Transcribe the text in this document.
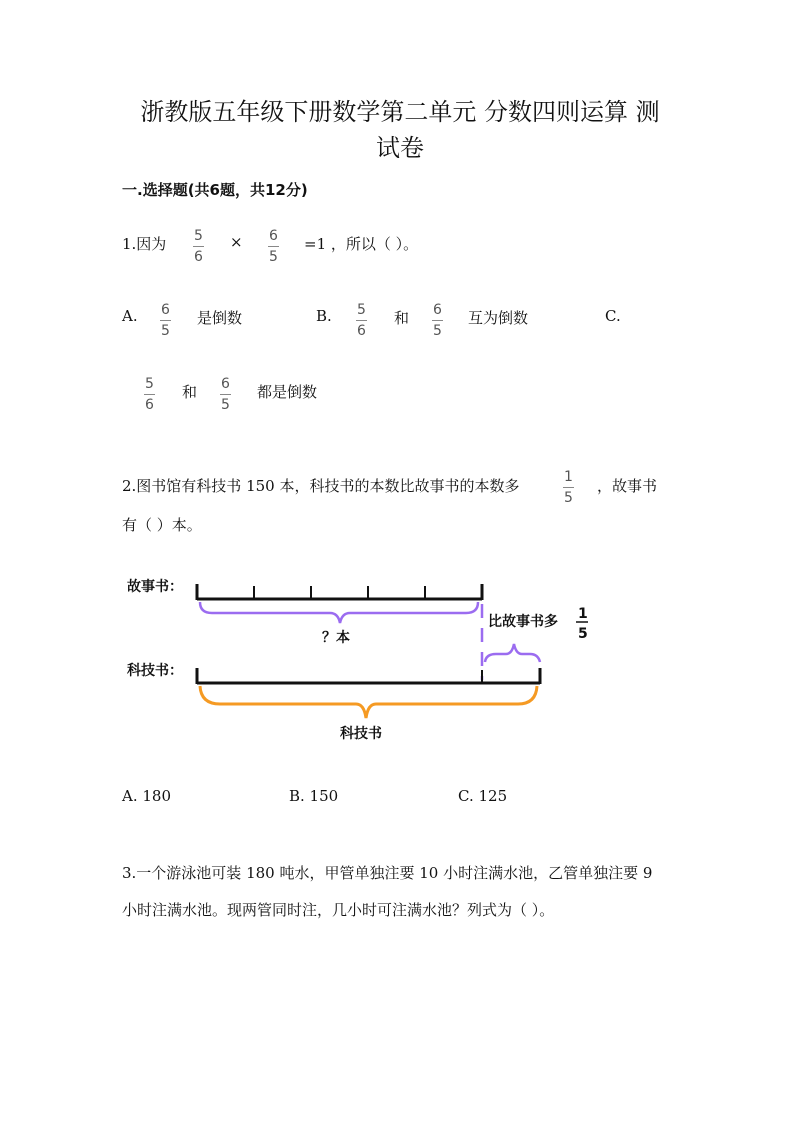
浙教版五年级下册数学第二单元 分数四则运算 测
试卷
一.选择题(共6题，共12分)
1.因为 5
6
× 6
5
=1 ，所以（ ）。
A. 6
5
是倒数	B. 5
6
和 6
5
互为倒数	C.
5
6
和 6
5
都是倒数
2.图书馆有科技书 150 本，科技书的本数比故事书的本数多	1
5
，故事书
有（ ）本。
故事书：
？本
比故事书多 1
5
科技书：
科技书
A. 180	B. 150	C. 125
3.一个游泳池可装 180 吨水，甲管单独注要 10 小时注满水池，乙管单独注要 9
小时注满水池。现两管同时注，几小时可注满水池？列式为（ ）。
